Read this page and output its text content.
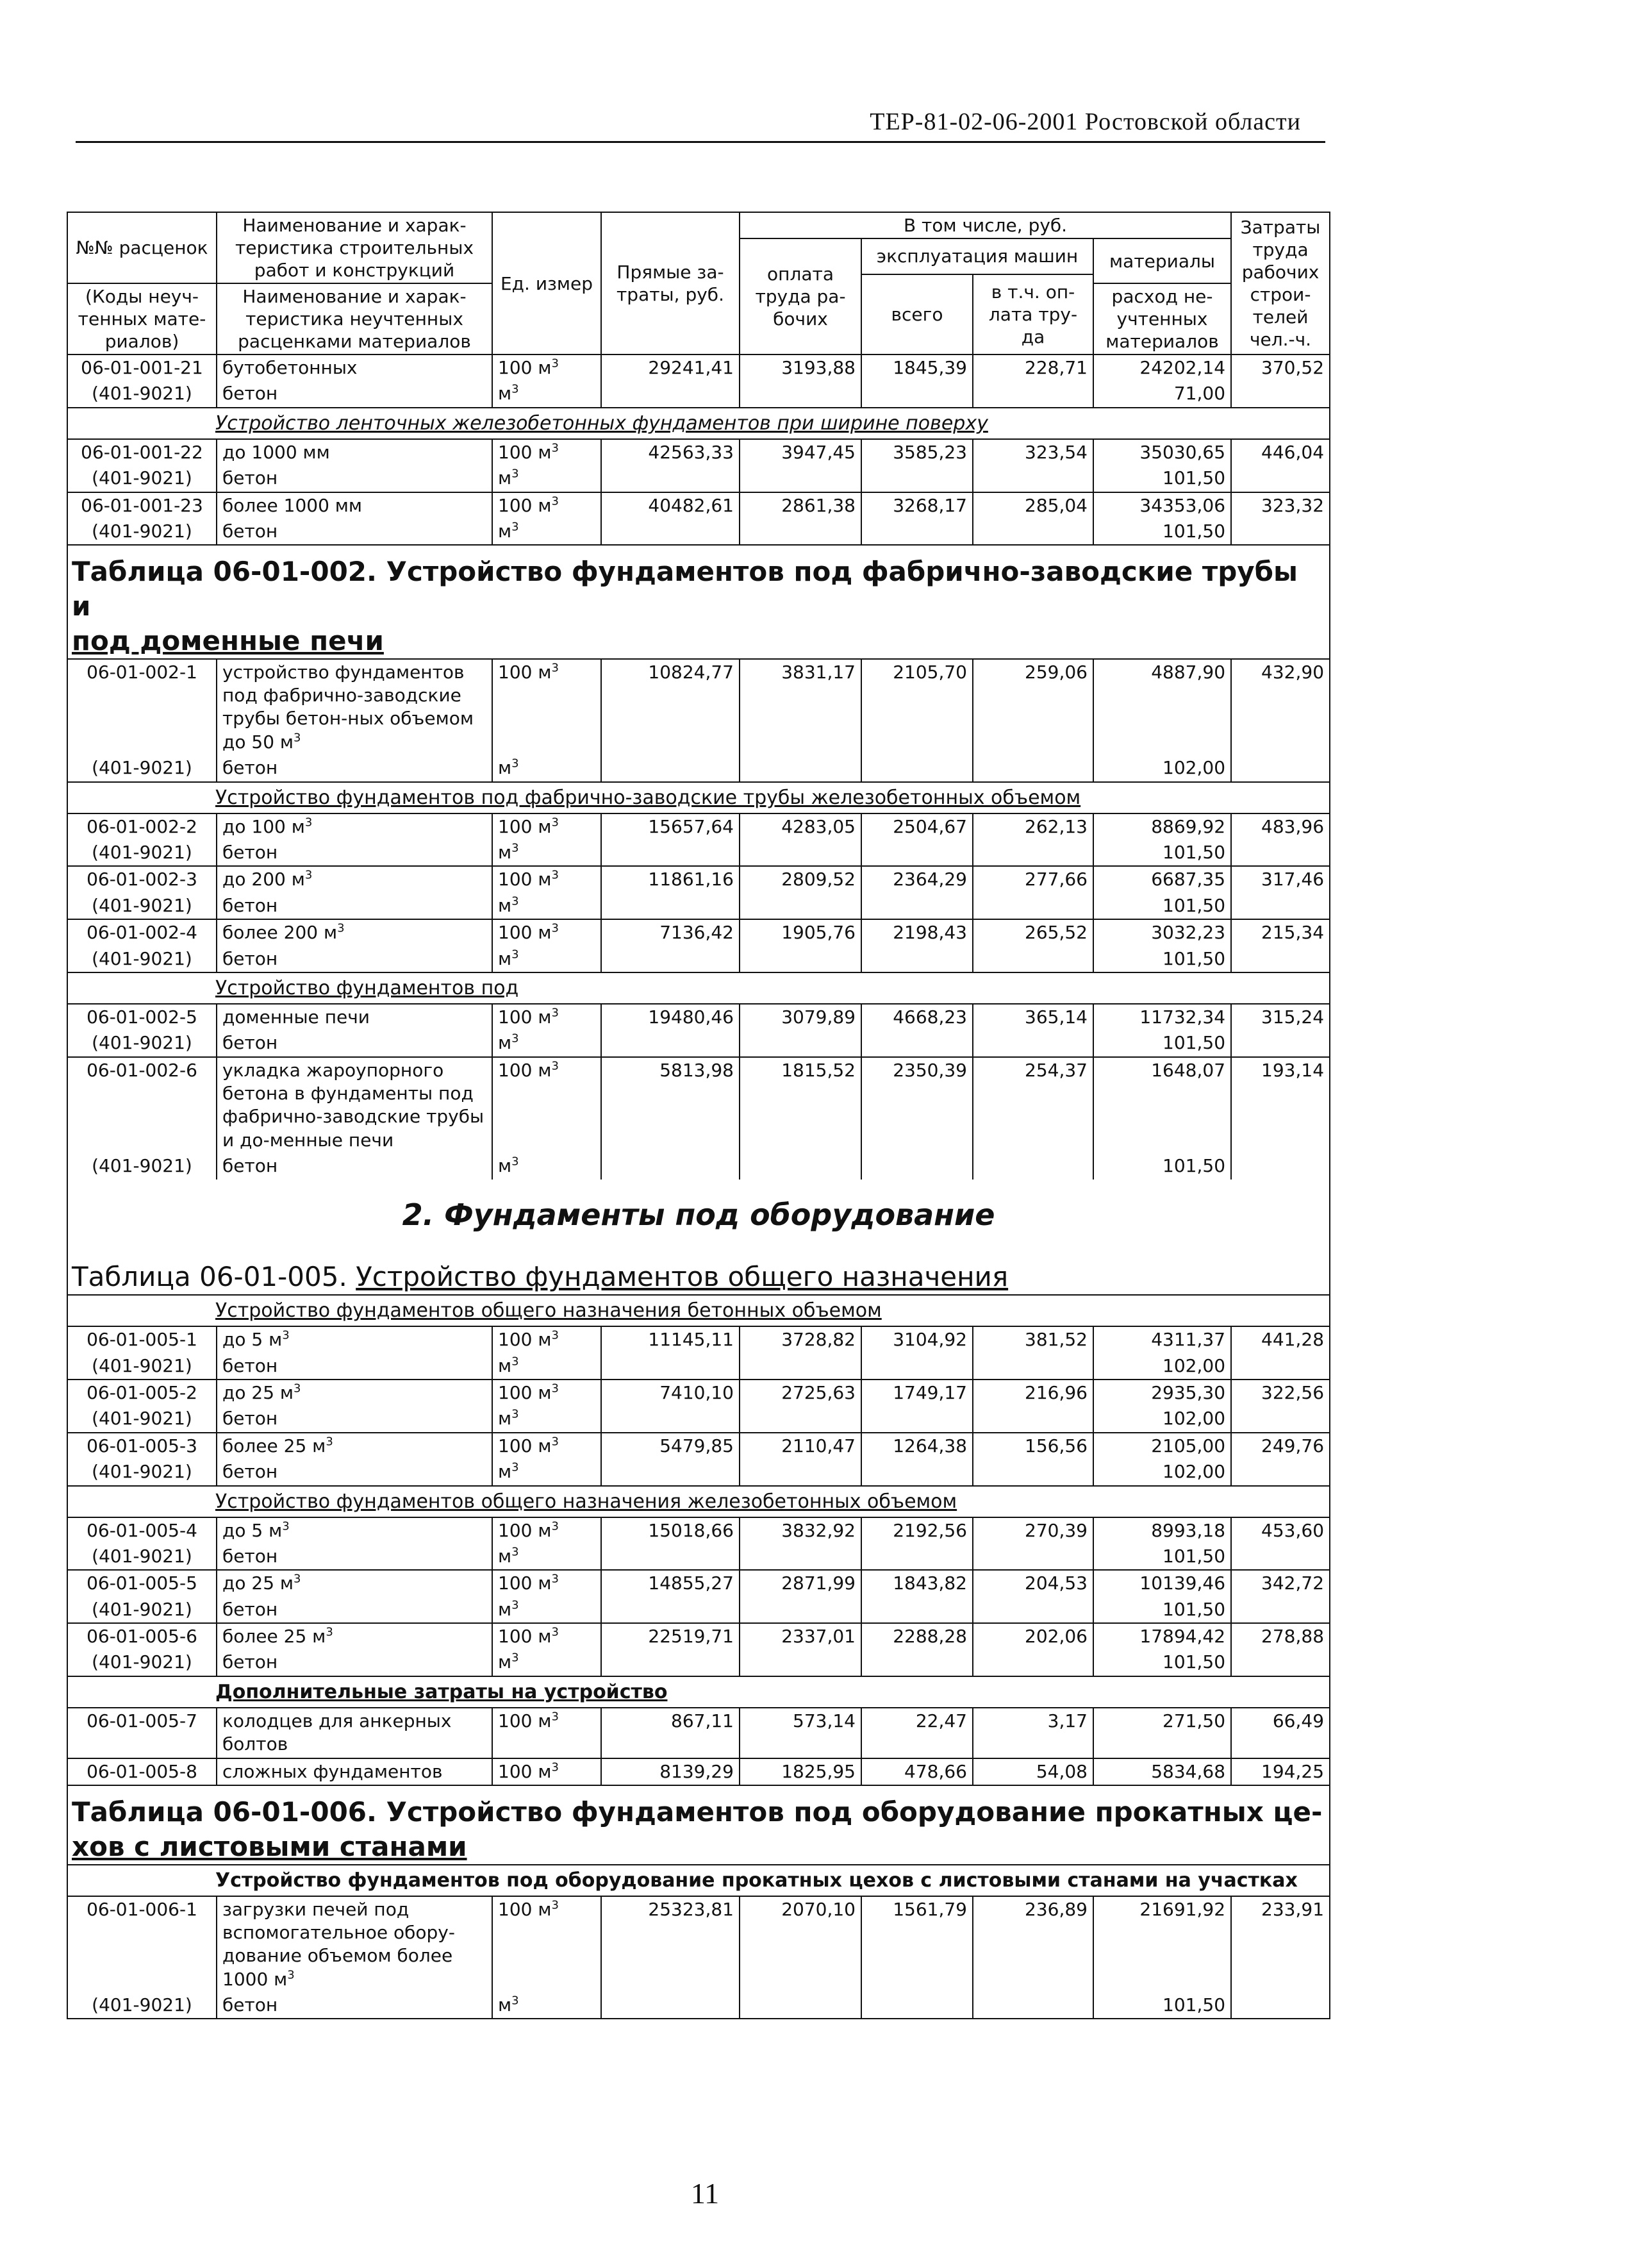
ТЕР-81-02-06-2001 Ростовской области
№№ расценок	Наименование и харак-теристика строительных работ и конструкций	Ед. измер	Прямые за-траты, руб.	В том числе, руб.				Затраты труда рабочих строи-телей чел.-ч.
				оплата труда ра-бочих	эксплуатация машин		материалы	
					всего	в т.ч. оп-лата тру-да		
(Коды неуч-тенных мате-риалов)	Наименование и харак-теристика неучтенных расценками материалов						расход не-учтенных материалов	

06-01-001-21	бутобетонных	100 $м^3$	29241,41	3193,88	1845,39	228,71	24202,14	370,52
(401-9021)	бетон	$м^3$					71,00	
Устройство ленточных железобетонных фундаментов при ширине поверху								
06-01-001-22	до 1000 мм	100 $м^3$	42563,33	3947,45	3585,23	323,54	35030,65	446,04
(401-9021)	бетон	$м^3$					101,50	
06-01-001-23	более 1000 мм	100 $м^3$	40482,61	2861,38	3268,17	285,04	34353,06	323,32
(401-9021)	бетон	$м^3$					101,50	
Таблица 06-01-002. Устройство фундаментов под фабрично-заводские трубы и
под доменные печи								
06-01-002-1	устройство фундаментов под фабрично-заводские трубы бетон-ных объемом до 50 $м^3$	100 $м^3$	10824,77	3831,17	2105,70	259,06	4887,90	432,90
(401-9021)	бетон	$м^3$					102,00	
Устройство фундаментов под фабрично-заводские трубы железобетонных объемом								
06-01-002-2	до 100 $м^3$	100 $м^3$	15657,64	4283,05	2504,67	262,13	8869,92	483,96
(401-9021)	бетон	$м^3$					101,50	
06-01-002-3	до 200 $м^3$	100 $м^3$	11861,16	2809,52	2364,29	277,66	6687,35	317,46
(401-9021)	бетон	$м^3$					101,50	
06-01-002-4	более 200 $м^3$	100 $м^3$	7136,42	1905,76	2198,43	265,52	3032,23	215,34
(401-9021)	бетон	$м^3$					101,50	
Устройство фундаментов под								
06-01-002-5	доменные печи	100 $м^3$	19480,46	3079,89	4668,23	365,14	11732,34	315,24
(401-9021)	бетон	$м^3$					101,50	
06-01-002-6	укладка жароупорного бетона в фундаменты под фабрично-заводские трубы и до-менные печи	100 $м^3$	5813,98	1815,52	2350,39	254,37	1648,07	193,14
(401-9021)	бетон	$м^3$					101,50	
2. Фундаменты под оборудование								
Таблица 06-01-005. Устройство фундаментов общего назначения								
Устройство фундаментов общего назначения бетонных объемом								
06-01-005-1	до 5 $м^3$	100 $м^3$	11145,11	3728,82	3104,92	381,52	4311,37	441,28
(401-9021)	бетон	$м^3$					102,00	
06-01-005-2	до 25 $м^3$	100 $м^3$	7410,10	2725,63	1749,17	216,96	2935,30	322,56
(401-9021)	бетон	$м^3$					102,00	
06-01-005-3	более 25 $м^3$	100 $м^3$	5479,85	2110,47	1264,38	156,56	2105,00	249,76
(401-9021)	бетон	$м^3$					102,00	
Устройство фундаментов общего назначения железобетонных объемом								
06-01-005-4	до 5 $м^3$	100 $м^3$	15018,66	3832,92	2192,56	270,39	8993,18	453,60
(401-9021)	бетон	$м^3$					101,50	
06-01-005-5	до 25 $м^3$	100 $м^3$	14855,27	2871,99	1843,82	204,53	10139,46	342,72
(401-9021)	бетон	$м^3$					101,50	
06-01-005-6	более 25 $м^3$	100 $м^3$	22519,71	2337,01	2288,28	202,06	17894,42	278,88
(401-9021)	бетон	$м^3$					101,50	
Дополнительные затраты на устройство								
06-01-005-7	колодцев для анкерных болтов	100 $м^3$	867,11	573,14	22,47	3,17	271,50	66,49
06-01-005-8	сложных фундаментов	100 $м^3$	8139,29	1825,95	478,66	54,08	5834,68	194,25
Таблица 06-01-006. Устройство фундаментов под оборудование прокатных це-
хов с листовыми станами								
Устройство фундаментов под оборудование прокатных цехов с листовыми станами на участках								
06-01-006-1	загрузки печей под вспомогательное обору-дование объемом более 1000 $м^3$	100 $м^3$	25323,81	2070,10	1561,79	236,89	21691,92	233,91
(401-9021)	бетон	$м^3$					101,50	
11
